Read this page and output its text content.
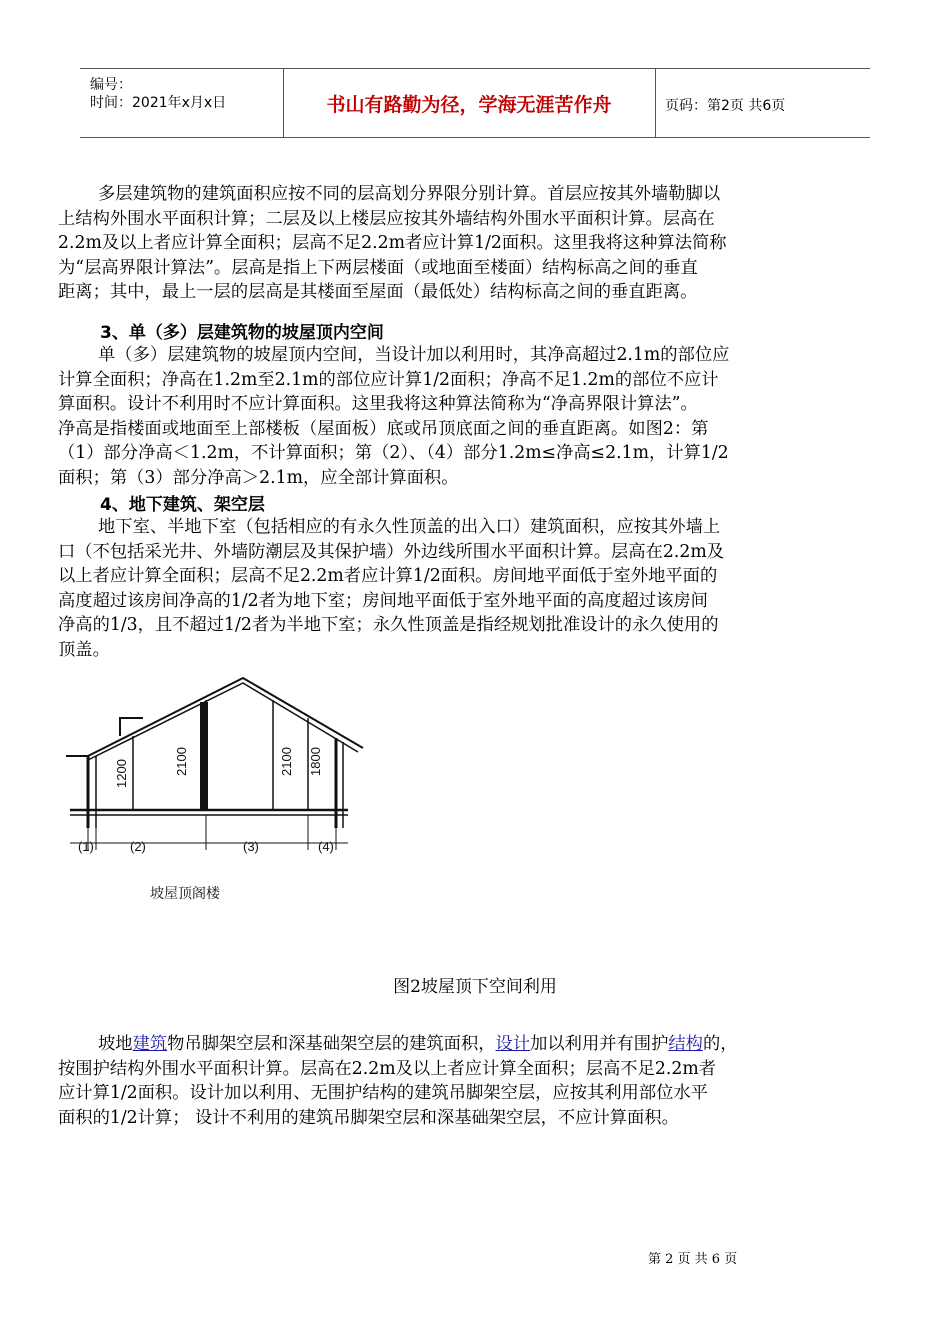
编号：
时间：2021年x月x日	书山有路勤为径，学海无涯苦作舟	页码：第2页 共6页
多层建筑物的建筑面积应按不同的层高划分界限分别计算。首层应按其外墙勒脚以
上结构外围水平面积计算；二层及以上楼层应按其外墙结构外围水平面积计算。层高在
2.2m及以上者应计算全面积；层高不足2.2m者应计算1/2面积。这里我将这种算法简称
为“层高界限计算法”。层高是指上下两层楼面（或地面至楼面）结构标高之间的垂直
距离；其中，最上一层的层高是其楼面至屋面（最低处）结构标高之间的垂直距离。
3、单（多）层建筑物的坡屋顶内空间
单（多）层建筑物的坡屋顶内空间，当设计加以利用时，其净高超过2.1m的部位应
计算全面积；净高在1.2m至2.1m的部位应计算1/2面积；净高不足1.2m的部位不应计
算面积。设计不利用时不应计算面积。这里我将这种算法简称为“净高界限计算法”。
净高是指楼面或地面至上部楼板（屋面板）底或吊顶底面之间的垂直距离。如图2：第
（1）部分净高＜1.2m，不计算面积；第（2）、（4）部分1.2m≤净高≤2.1m，计算1/2
面积；第（3）部分净高＞2.1m，应全部计算面积。
4、地下建筑、架空层
地下室、半地下室（包括相应的有永久性顶盖的出入口）建筑面积，应按其外墙上
口（不包括采光井、外墙防潮层及其保护墙）外边线所围水平面积计算。层高在2.2m及
以上者应计算全面积；层高不足2.2m者应计算1/2面积。房间地平面低于室外地平面的
高度超过该房间净高的1/2者为地下室；房间地平面低于室外地平面的高度超过该房间
净高的1/3，且不超过1/2者为半地下室；永久性顶盖是指经规划批准设计的永久使用的
顶盖。
1200	2100	2100 1800
(1)	(2)	(3)	(4)
坡屋顶阁楼
图2坡屋顶下空间利用
坡地建筑物吊脚架空层和深基础架空层的建筑面积，设计加以利用并有围护结构的，
按围护结构外围水平面积计算。层高在2.2m及以上者应计算全面积；层高不足2.2m者
应计算1/2面积。设计加以利用、无围护结构的建筑吊脚架空层，应按其利用部位水平
面积的1/2计算； 设计不利用的建筑吊脚架空层和深基础架空层，不应计算面积。
第 2 页 共 6 页
